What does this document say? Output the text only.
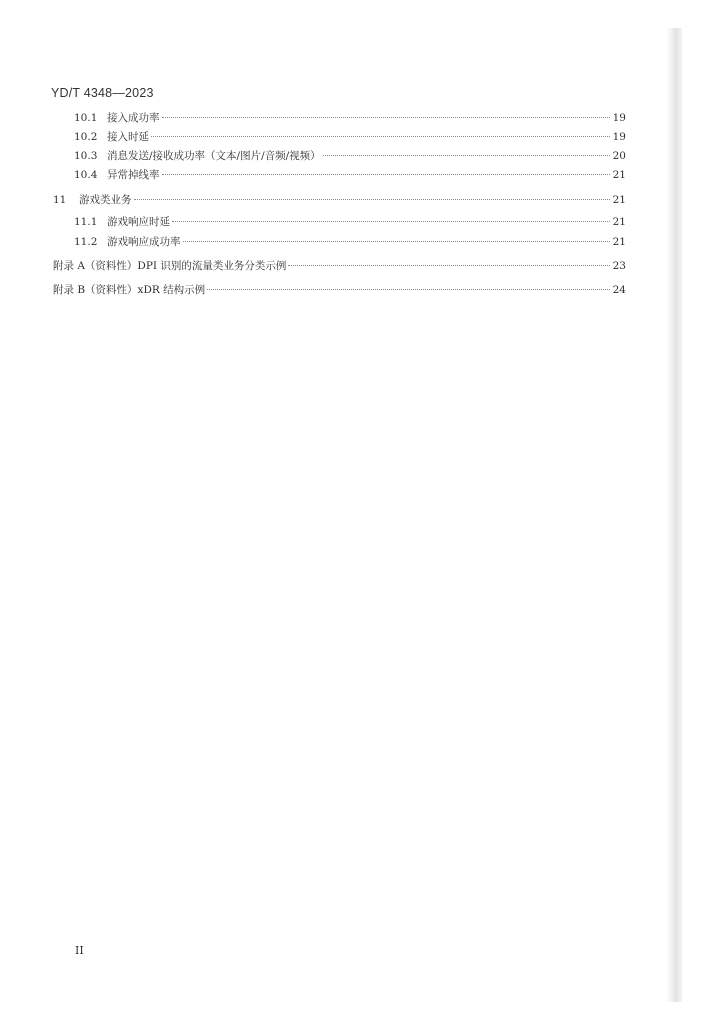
YD/T 4348—2023
10.1 接入成功率	19
10.2 接入时延	19
10.3 消息发送/接收成功率（文本/图片/音频/视频）	20
10.4 异常掉线率	21
11	游戏类业务	21
11.1 游戏响应时延	21
11.2 游戏响应成功率	21
附录 A（资料性）DPI 识别的流量类业务分类示例	23
附录 B（资料性）xDR 结构示例	24
II
